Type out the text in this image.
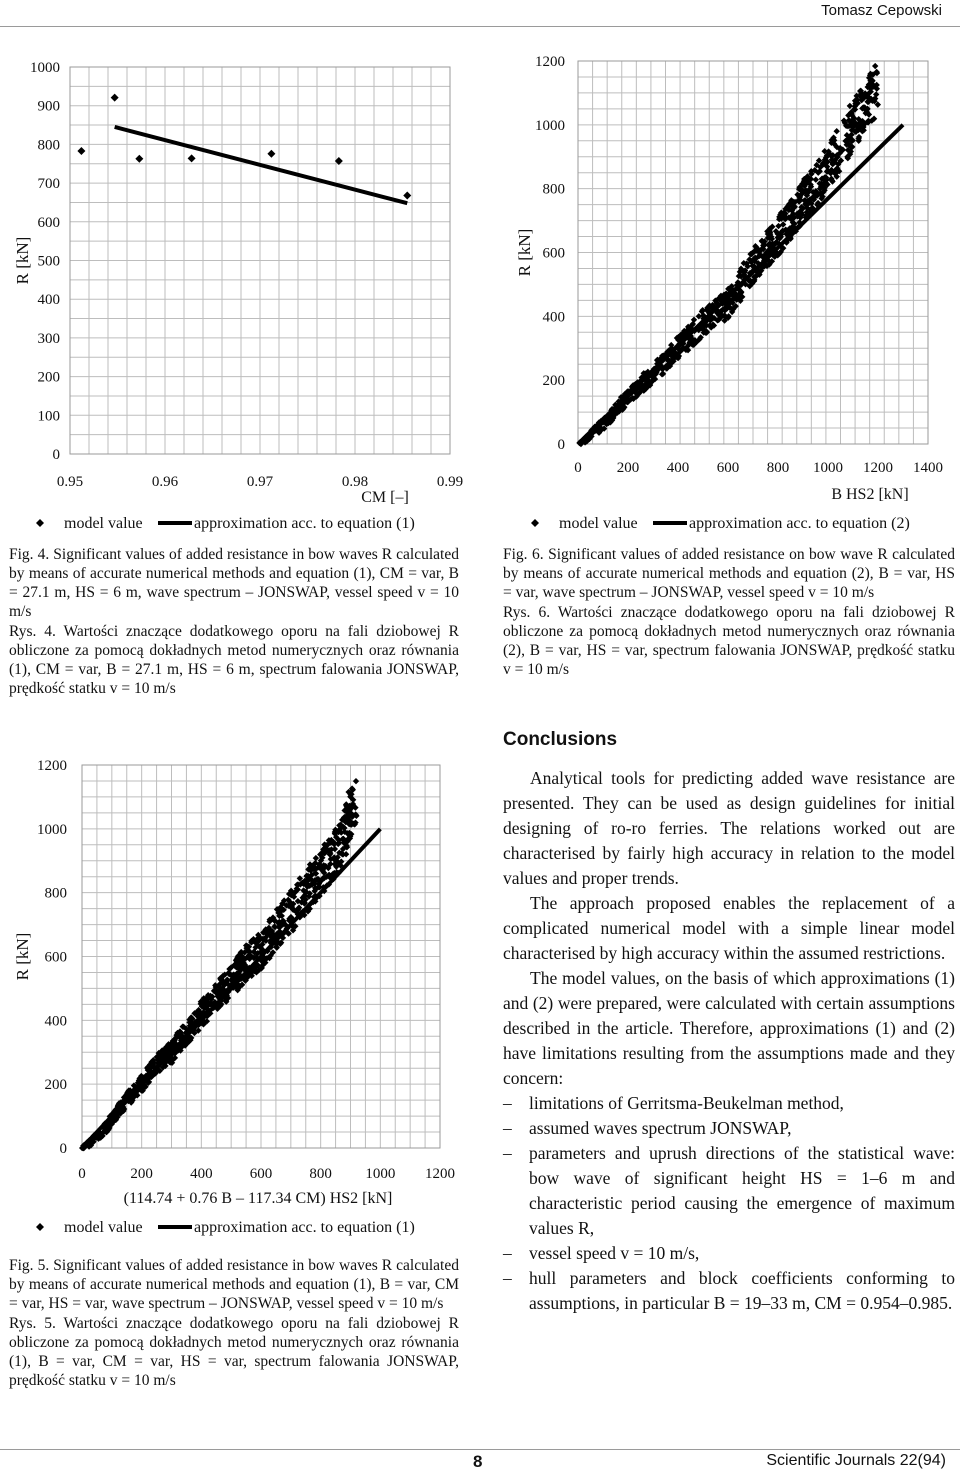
Tomasz Cepowski
0
100
200
300
400
500
600
700
800
900
1000
0.95	0.96	0.97	0.98	0.99
R [kN]
CM [–]
model value	approximation acc. to equation (1)
0
200
400
600
800
1000
1200
0 200 400 600 800 1000 1200 1400
R [kN]
B HS2 [kN]
model value	approximation acc. to equation (2)
0
200
400
600
800
1000
1200
0	200 400 600 800 1000 1200
R [kN]
(114.74 + 0.76 B – 117.34 CM) HS2 [kN]
model value	approximation acc. to equation (1)

Fig. 4. Significant values of added resistance in bow waves R calculated by means of accurate numerical methods and equation (1), CM = var, B = 27.1 m, HS = 6 m, wave spectrum – JONSWAP, vessel speed v = 10 m/s

Rys. 4. Wartości znaczące dodatkowego oporu na fali dziobowej R obliczone za pomocą dokładnych metod numerycznych oraz równania (1), CM = var, B = 27.1 m, HS = 6 m, spectrum falowania JONSWAP, prędkość statku v = 10 m/s

Fig. 6. Significant values of added resistance on bow wave R calculated by means of accurate numerical methods and equation (2), B = var, HS = var, wave spectrum – JONSWAP, vessel speed v = 10 m/s

Rys. 6. Wartości znaczące dodatkowego oporu na fali dziobowej R obliczone za pomocą dokładnych metod numerycznych oraz równania (2), B = var, HS = var, spectrum falowania JONSWAP, prędkość statku v = 10 m/s

Fig. 5. Significant values of added resistance in bow waves R calculated by means of accurate numerical methods and equation (1), B = var, CM = var, HS = var, wave spectrum – JONSWAP, vessel speed v = 10 m/s

Rys. 5. Wartości znaczące dodatkowego oporu na fali dziobowej R obliczone za pomocą dokładnych metod numerycznych oraz równania (1), B = var, CM = var, HS = var, spectrum falowania JONSWAP, prędkość statku v = 10 m/s

Conclusions

Analytical tools for predicting added wave resistance are presented. They can be used as design guidelines for initial designing of ro-ro ferries. The relations worked out are characterised by fairly high accuracy in relation to the model values and proper trends.

The approach proposed enables the replacement of a complicated numerical model with a simple linear model characterised by high accuracy within the assumed restrictions.

The model values, on the basis of which approximations (1) and (2) were prepared, were calculated with certain assumptions described in the article. Therefore, approximations (1) and (2) have limitations resulting from the assumptions made and they concern:

– limitations of Gerritsma-Beukelman method,
– assumed waves spectrum JONSWAP,
– parameters and uprush directions of the statistical wave: bow wave of significant height HS = 1–6 m and characteristic period causing the emergence of maximum values R,
– vessel speed v = 10 m/s,
– hull parameters and block coefficients conforming to assumptions, in particular B = 19–33 m, CM = 0.954–0.985.
8	Scientific Journals 22(94)
